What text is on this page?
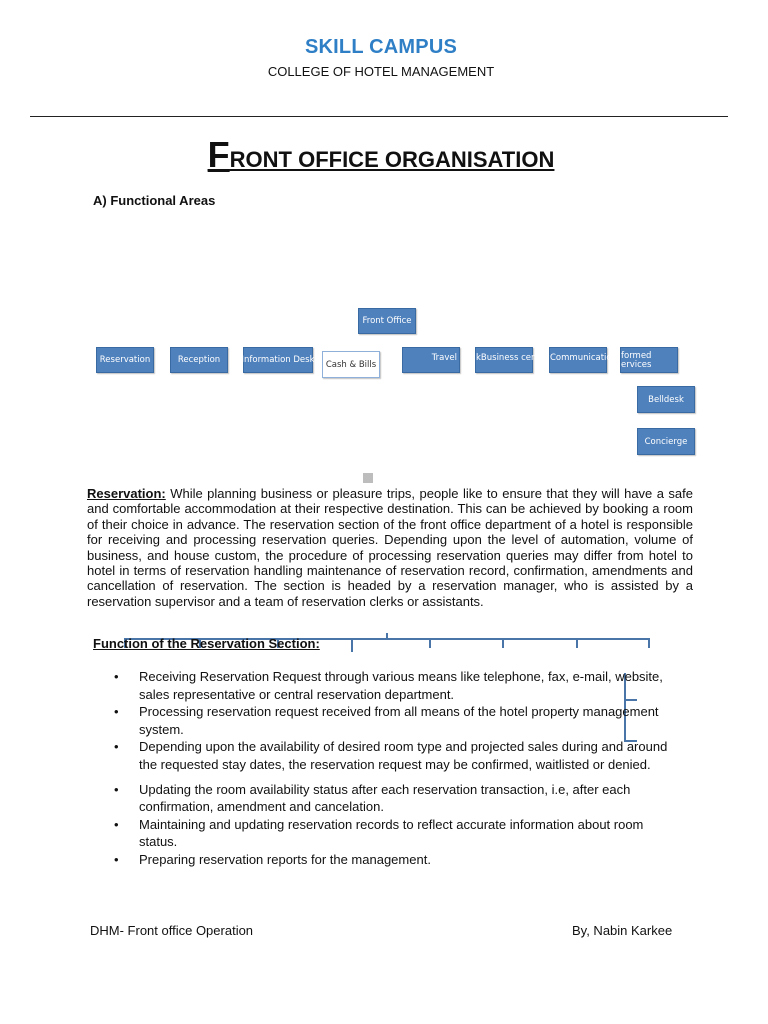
SKILL CAMPUS
COLLEGE OF HOTEL MANAGEMENT
FRONT OFFICE ORGANISATION
A) Functional Areas
Front Office
Reservation	Reception	Information Desk	Cash & Bills
Travel	kBusiness cent Communication formed
ervices
Belldesk
Concierge
Reservation: While planning business or pleasure trips, people like to ensure that they will have a safe and comfortable accommodation at their respective destination. This can be achieved by booking a room of their choice in advance. The reservation section of the front office department of a hotel is responsible for receiving and processing reservation queries. Depending upon the level of automation, volume of business, and house custom, the procedure of processing reservation queries may differ from hotel to hotel in terms of reservation handling maintenance of reservation record, confirmation, amendments and cancellation of reservation. The section is headed by a reservation manager, who is assisted by a reservation supervisor and a team of reservation clerks or assistants.
Function of the Reservation Section:
• Receiving Reservation Request through various means like telephone, fax, e-mail, website, sales representative or central reservation department.
• Processing reservation request received from all means of the hotel property management system.
• Depending upon the availability of desired room type and projected sales during and around the requested stay dates, the reservation request may be confirmed, waitlisted or denied.
• Updating the room availability status after each reservation transaction, i.e, after each confirmation, amendment and cancelation.
• Maintaining and updating reservation records to reflect accurate information about room status.
• Preparing reservation reports for the management.
DHM- Front office Operation	By, Nabin Karkee
